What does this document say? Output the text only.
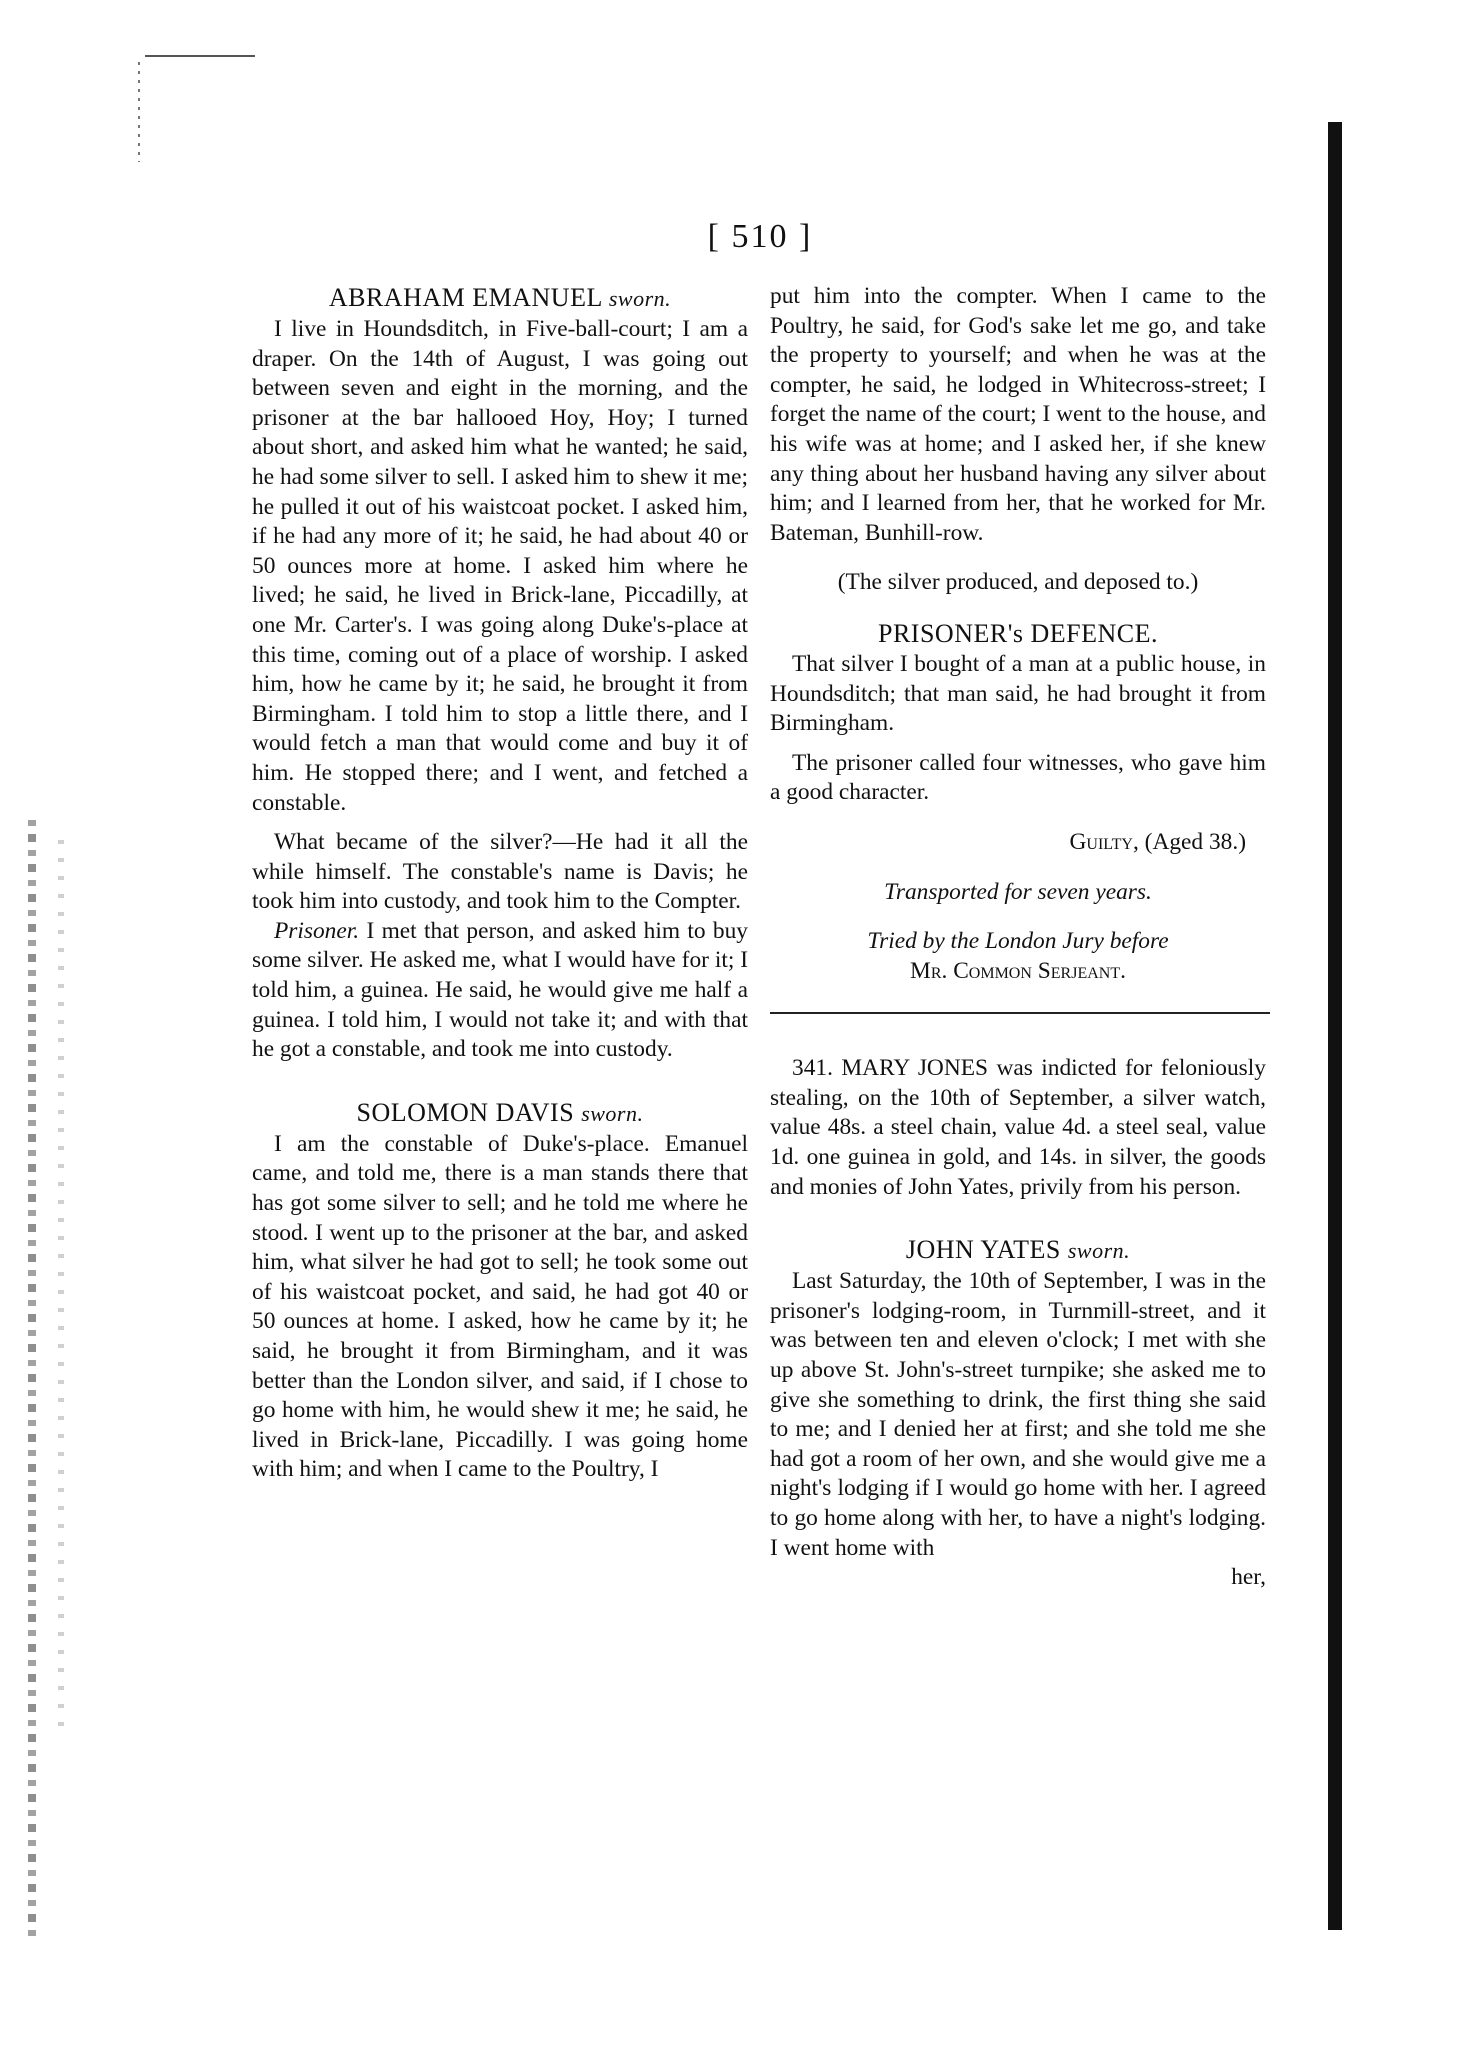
[ 510 ]
ABRAHAM EMANUEL sworn.

I live in Houndsditch, in Five-ball-court; I am a draper. On the 14th of August, I was going out between seven and eight in the morning, and the prisoner at the bar hallooed Hoy, Hoy; I turned about short, and asked him what he wanted; he said, he had some silver to sell. I asked him to shew it me; he pulled it out of his waistcoat pocket. I asked him, if he had any more of it; he said, he had about 40 or 50 ounces more at home. I asked him where he lived; he said, he lived in Brick-lane, Piccadilly, at one Mr. Carter's. I was going along Duke's-place at this time, coming out of a place of worship. I asked him, how he came by it; he said, he brought it from Birmingham. I told him to stop a little there, and I would fetch a man that would come and buy it of him. He stopped there; and I went, and fetched a constable.

What became of the silver?—He had it all the while himself. The constable's name is Davis; he took him into custody, and took him to the Compter.

Prisoner. I met that person, and asked him to buy some silver. He asked me, what I would have for it; I told him, a guinea. He said, he would give me half a guinea. I told him, I would not take it; and with that he got a constable, and took me into custody.

SOLOMON DAVIS sworn.

I am the constable of Duke's-place. Emanuel came, and told me, there is a man stands there that has got some silver to sell; and he told me where he stood. I went up to the prisoner at the bar, and asked him, what silver he had got to sell; he took some out of his waistcoat pocket, and said, he had got 40 or 50 ounces at home. I asked, how he came by it; he said, he brought it from Birmingham, and it was better than the London silver, and said, if I chose to go home with him, he would shew it me; he said, he lived in Brick-lane, Piccadilly. I was going home with him; and when I came to the Poultry, I

put him into the compter. When I came to the Poultry, he said, for God's sake let me go, and take the property to yourself; and when he was at the compter, he said, he lodged in Whitecross-street; I forget the name of the court; I went to the house, and his wife was at home; and I asked her, if she knew any thing about her husband having any silver about him; and I learned from her, that he worked for Mr. Bateman, Bunhill-row.

(The silver produced, and deposed to.)
PRISONER's DEFENCE.

That silver I bought of a man at a public house, in Houndsditch; that man said, he had brought it from Birmingham.

The prisoner called four witnesses, who gave him a good character.

Guilty, (Aged 38.)
Transported for seven years.
Tried by the London Jury before
Mr. Common Serjeant.

341. MARY JONES was indicted for feloniously stealing, on the 10th of September, a silver watch, value 48s. a steel chain, value 4d. a steel seal, value 1d. one guinea in gold, and 14s. in silver, the goods and monies of John Yates, privily from his person.

JOHN YATES sworn.

Last Saturday, the 10th of September, I was in the prisoner's lodging-room, in Turnmill-street, and it was between ten and eleven o'clock; I met with she up above St. John's-street turnpike; she asked me to give she something to drink, the first thing she said to me; and I denied her at first; and she told me she had got a room of her own, and she would give me a night's lodging if I would go home with her. I agreed to go home along with her, to have a night's lodging. I went home with

her,
